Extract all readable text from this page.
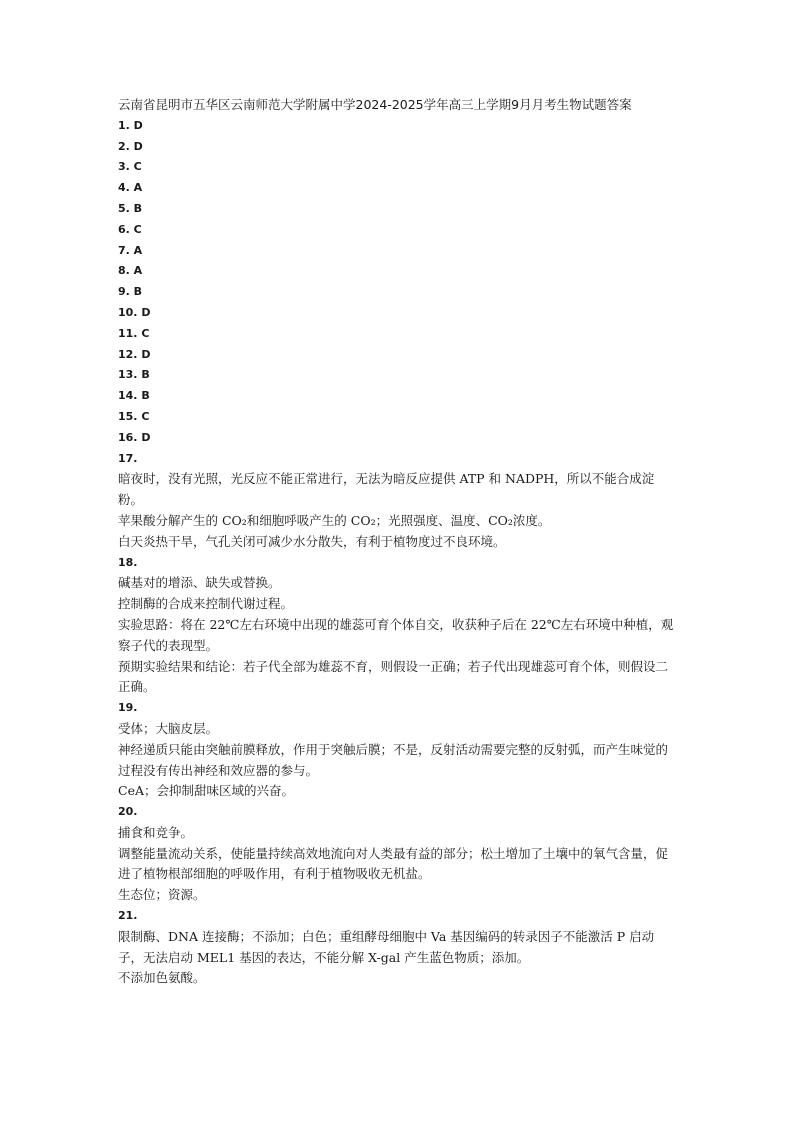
云南省昆明市五华区云南师范大学附属中学2024-2025学年高三上学期9月月考生物试题答案

1. D

2. D

3. C

4. A

5. B

6. C

7. A

8. A

9. B

10. D

11. C

12. D

13. B

14. B

15. C

16. D

17.

暗夜时，没有光照，光反应不能正常进行，无法为暗反应提供 ATP 和 NADPH，所以不能合成淀粉。

苹果酸分解产生的 CO₂和细胞呼吸产生的 CO₂；光照强度、温度、CO₂浓度。

白天炎热干旱，气孔关闭可减少水分散失，有利于植物度过不良环境。

18.

碱基对的增添、缺失或替换。

控制酶的合成来控制代谢过程。

实验思路：将在 22℃左右环境中出现的雄蕊可育个体自交，收获种子后在 22℃左右环境中种植，观察子代的表现型。

预期实验结果和结论：若子代全部为雄蕊不育，则假设一正确；若子代出现雄蕊可育个体，则假设二正确。

19.

受体；大脑皮层。

神经递质只能由突触前膜释放，作用于突触后膜；不是，反射活动需要完整的反射弧，而产生味觉的过程没有传出神经和效应器的参与。

CeA；会抑制甜味区域的兴奋。

20.

捕食和竞争。

调整能量流动关系，使能量持续高效地流向对人类最有益的部分；松土增加了土壤中的氧气含量，促进了植物根部细胞的呼吸作用，有利于植物吸收无机盐。

生态位；资源。

21.

限制酶、DNA 连接酶；不添加；白色；重组酵母细胞中 Va 基因编码的转录因子不能激活 P 启动子，无法启动 MEL1 基因的表达，不能分解 X-gal 产生蓝色物质；添加。

不添加色氨酸。
